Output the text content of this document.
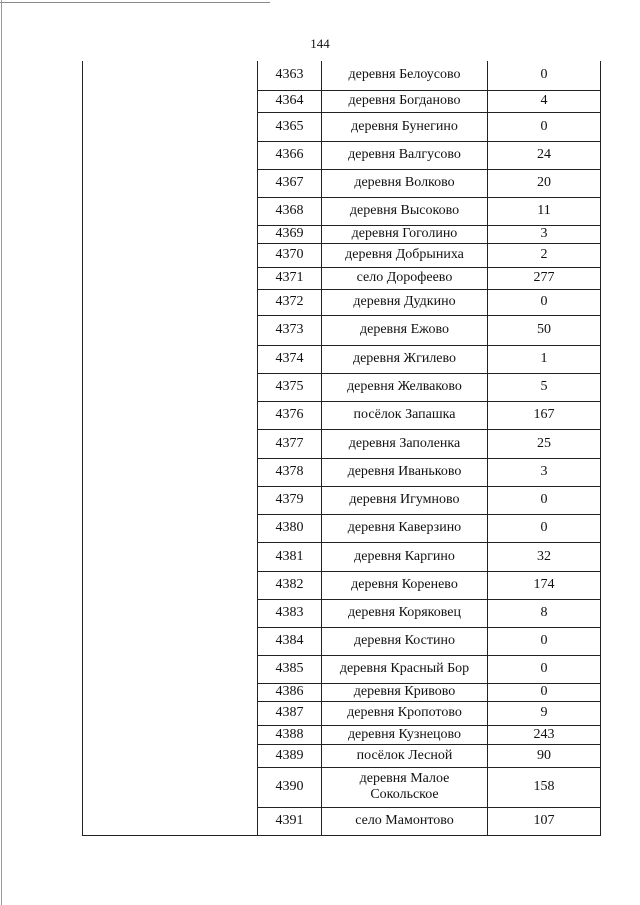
144
	4363	деревня Белоусово	0
	4364	деревня Богданово	4
	4365	деревня Бунегино	0
	4366	деревня Валгусово	24
	4367	деревня Волково	20
	4368	деревня Высоково	11
	4369	деревня Гоголино	3
	4370	деревня Добрыниха	2
	4371	село Дорофеево	277
	4372	деревня Дудкино	0
	4373	деревня Ежово	50
	4374	деревня Жгилево	1
	4375	деревня Желваково	5
	4376	посёлок Запашка	167
	4377	деревня Заполенка	25
	4378	деревня Иваньково	3
	4379	деревня Игумново	0
	4380	деревня Каверзино	0
	4381	деревня Каргино	32
	4382	деревня Коренево	174
	4383	деревня Коряковец	8
	4384	деревня Костино	0
	4385	деревня Красный Бор	0
	4386	деревня Кривово	0
	4387	деревня Кропотово	9
	4388	деревня Кузнецово	243
	4389	посёлок Лесной	90
	4390	деревня Малое Сокольское	158
	4391	село Мамонтово	107
